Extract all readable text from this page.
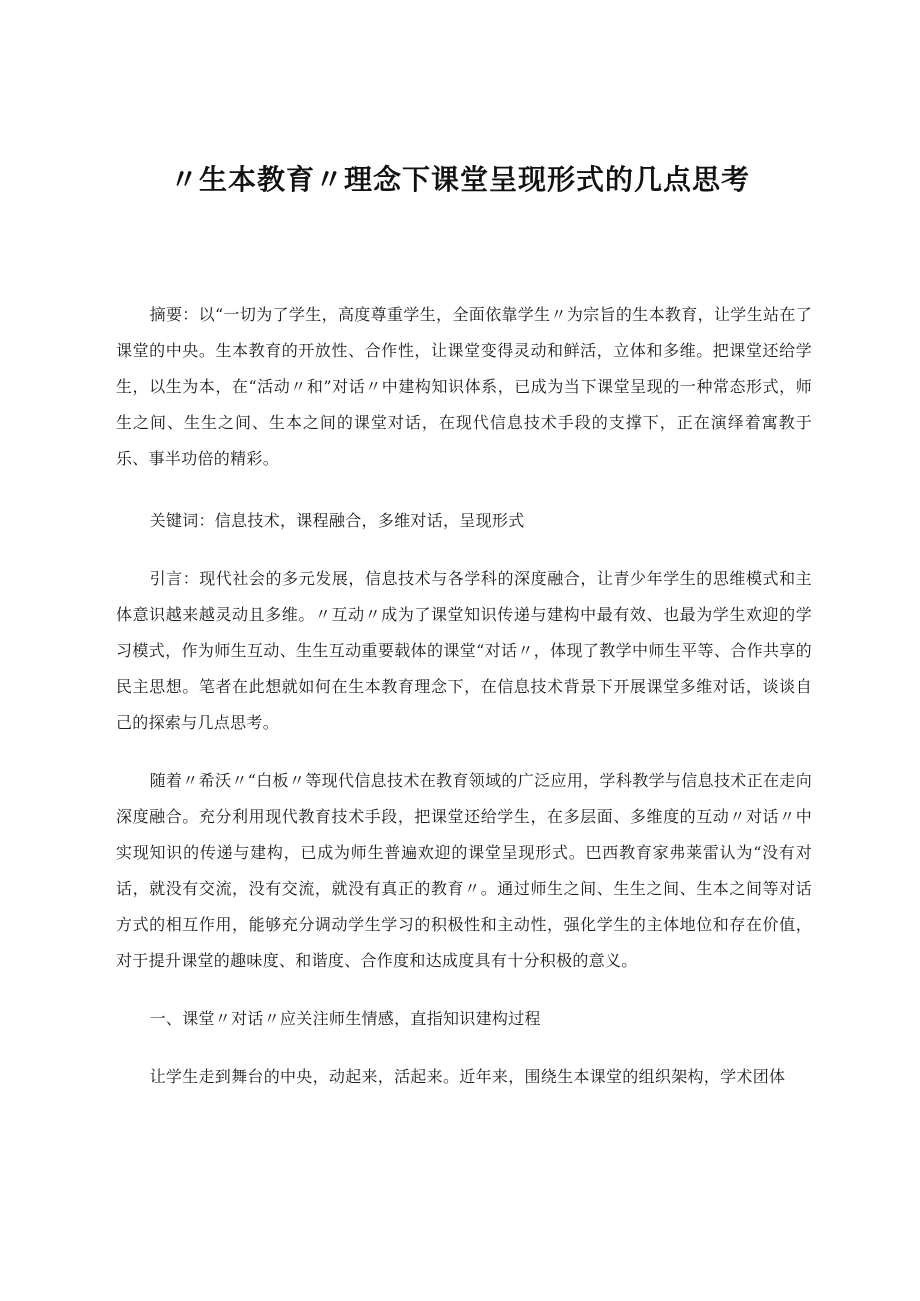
〃生本教育〃理念下课堂呈现形式的几点思考

摘要：以“一切为了学生，高度尊重学生，全面依靠学生〃为宗旨的生本教育，让学生站在了课堂的中央。生本教育的开放性、合作性，让课堂变得灵动和鲜活，立体和多维。把课堂还给学生，以生为本，在“活动〃和”对话〃中建构知识体系，已成为当下课堂呈现的一种常态形式，师生之间、生生之间、生本之间的课堂对话，在现代信息技术手段的支撑下，正在演绎着寓教于乐、事半功倍的精彩。

关键词：信息技术，课程融合，多维对话，呈现形式

引言：现代社会的多元发展，信息技术与各学科的深度融合，让青少年学生的思维模式和主体意识越来越灵动且多维。〃互动〃成为了课堂知识传递与建构中最有效、也最为学生欢迎的学习模式，作为师生互动、生生互动重要载体的课堂“对话〃，体现了教学中师生平等、合作共享的民主思想。笔者在此想就如何在生本教育理念下，在信息技术背景下开展课堂多维对话，谈谈自己的探索与几点思考。

随着〃希沃〃“白板〃等现代信息技术在教育领域的广泛应用，学科教学与信息技术正在走向深度融合。充分利用现代教育技术手段，把课堂还给学生，在多层面、多维度的互动〃对话〃中实现知识的传递与建构，已成为师生普遍欢迎的课堂呈现形式。巴西教育家弗莱雷认为“没有对话，就没有交流，没有交流，就没有真正的教育〃。通过师生之间、生生之间、生本之间等对话方式的相互作用，能够充分调动学生学习的积极性和主动性，强化学生的主体地位和存在价值，对于提升课堂的趣味度、和谐度、合作度和达成度具有十分积极的意义。

一、课堂〃对话〃应关注师生情感，直指知识建构过程

让学生走到舞台的中央，动起来，活起来。近年来，围绕生本课堂的组织架构，学术团体
